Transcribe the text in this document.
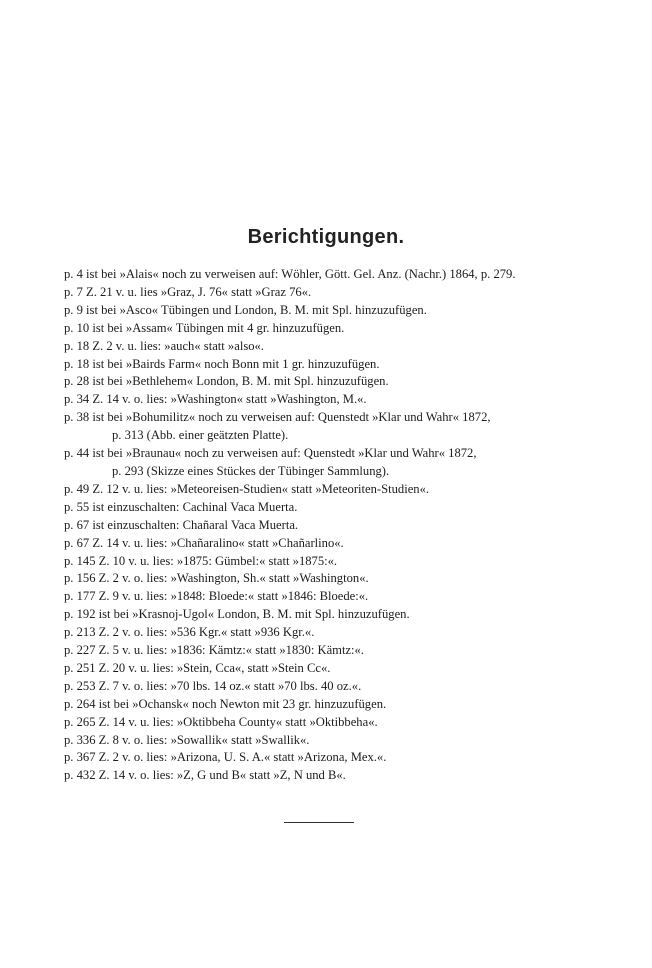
Berichtigungen.
p. 4 ist bei »Alais« noch zu verweisen auf: Wöhler, Gött. Gel. Anz. (Nachr.) 1864, p. 279.
p. 7 Z. 21 v. u. lies »Graz, J. 76« statt »Graz 76«.
p. 9 ist bei »Asco« Tübingen und London, B. M. mit Spl. hinzuzufügen.
p. 10 ist bei »Assam« Tübingen mit 4 gr. hinzuzufügen.
p. 18 Z. 2 v. u. lies: »auch« statt »also«.
p. 18 ist bei »Bairds Farm« noch Bonn mit 1 gr. hinzuzufügen.
p. 28 ist bei »Bethlehem« London, B. M. mit Spl. hinzuzufügen.
p. 34 Z. 14 v. o. lies: »Washington« statt »Washington, M.«.
p. 38 ist bei »Bohumilitz« noch zu verweisen auf: Quenstedt »Klar und Wahr« 1872,
p. 313 (Abb. einer geätzten Platte).
p. 44 ist bei »Braunau« noch zu verweisen auf: Quenstedt »Klar und Wahr« 1872,
p. 293 (Skizze eines Stückes der Tübinger Sammlung).
p. 49 Z. 12 v. u. lies: »Meteoreisen-Studien« statt »Meteoriten-Studien«.
p. 55 ist einzuschalten: Cachinal Vaca Muerta.
p. 67 ist einzuschalten: Chañaral Vaca Muerta.
p. 67 Z. 14 v. u. lies: »Chañaralino« statt »Chañarlino«.
p. 145 Z. 10 v. u. lies: »1875: Gümbel:« statt »1875:«.
p. 156 Z. 2 v. o. lies: »Washington, Sh.« statt »Washington«.
p. 177 Z. 9 v. u. lies: »1848: Bloede:« statt »1846: Bloede:«.
p. 192 ist bei »Krasnoj-Ugol« London, B. M. mit Spl. hinzuzufügen.
p. 213 Z. 2 v. o. lies: »536 Kgr.« statt »936 Kgr.«.
p. 227 Z. 5 v. u. lies: »1836: Kämtz:« statt »1830: Kämtz:«.
p. 251 Z. 20 v. u. lies: »Stein, Cca«, statt »Stein Cc«.
p. 253 Z. 7 v. o. lies: »70 lbs. 14 oz.« statt »70 lbs. 40 oz.«.
p. 264 ist bei »Ochansk« noch Newton mit 23 gr. hinzuzufügen.
p. 265 Z. 14 v. u. lies: »Oktibbeha County« statt »Oktibbeha«.
p. 336 Z. 8 v. o. lies: »Sowallik« statt »Swallik«.
p. 367 Z. 2 v. o. lies: »Arizona, U. S. A.« statt »Arizona, Mex.«.
p. 432 Z. 14 v. o. lies: »Z, G und B« statt »Z, N und B«.
